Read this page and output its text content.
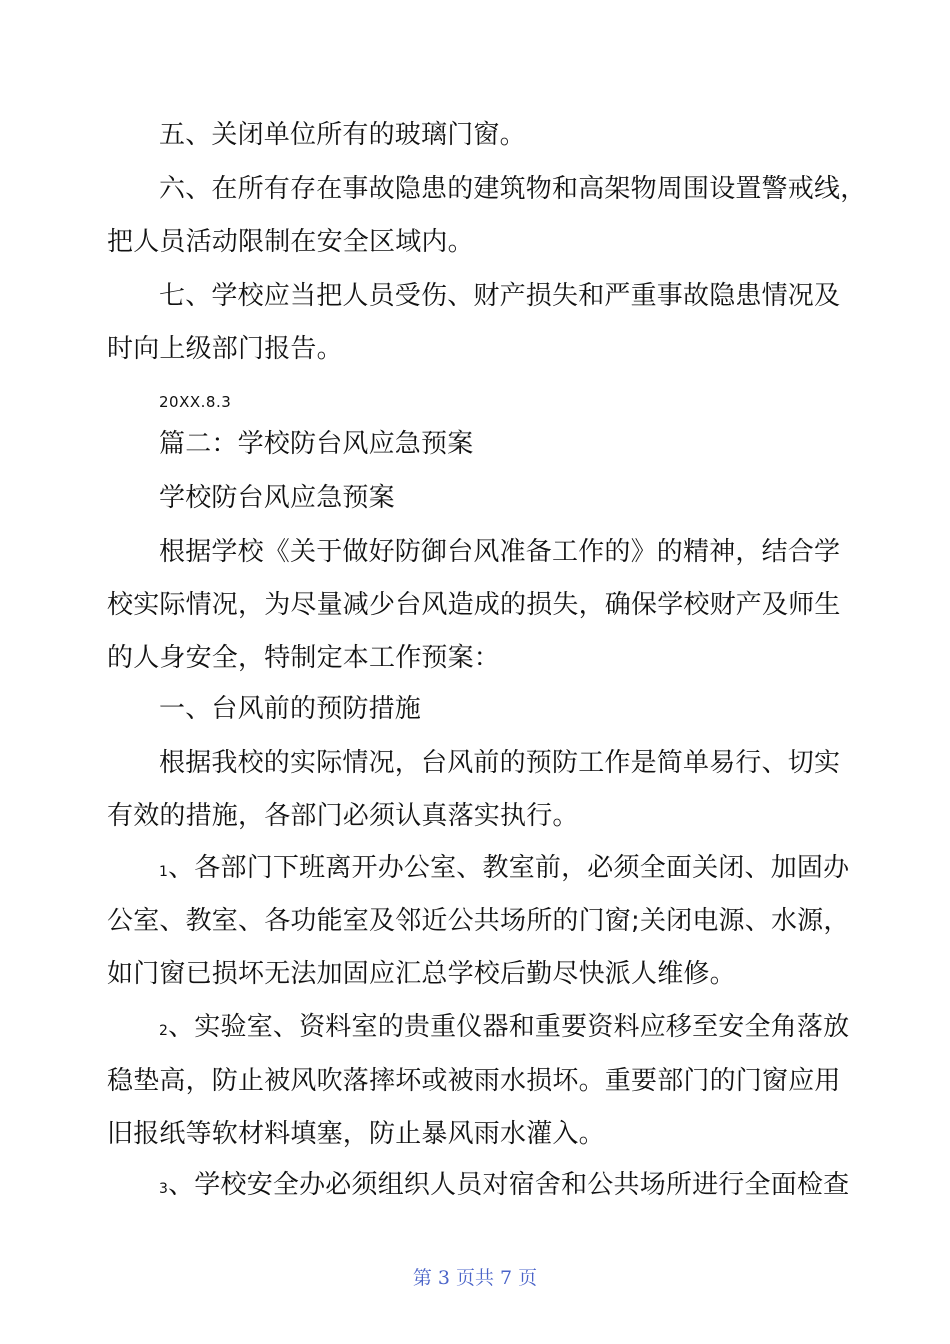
五、关闭单位所有的玻璃门窗。
六、在所有存在事故隐患的建筑物和高架物周围设置警戒线，
把人员活动限制在安全区域内。
七、学校应当把人员受伤、财产损失和严重事故隐患情况及
时向上级部门报告。
20XX.8.3
篇二：学校防台风应急预案
学校防台风应急预案
根据学校《关于做好防御台风准备工作的》的精神，结合学
校实际情况，为尽量减少台风造成的损失，确保学校财产及师生
的人身安全，特制定本工作预案：
一、台风前的预防措施
根据我校的实际情况，台风前的预防工作是简单易行、切实
有效的措施，各部门必须认真落实执行。
1、各部门下班离开办公室、教室前，必须全面关闭、加固办
公室、教室、各功能室及邻近公共场所的门窗;关闭电源、水源，
如门窗已损坏无法加固应汇总学校后勤尽快派人维修。
2、实验室、资料室的贵重仪器和重要资料应移至安全角落放
稳垫高，防止被风吹落摔坏或被雨水损坏。重要部门的门窗应用
旧报纸等软材料填塞，防止暴风雨水灌入。
3、学校安全办必须组织人员对宿舍和公共场所进行全面检查
第 3 页共 7 页
